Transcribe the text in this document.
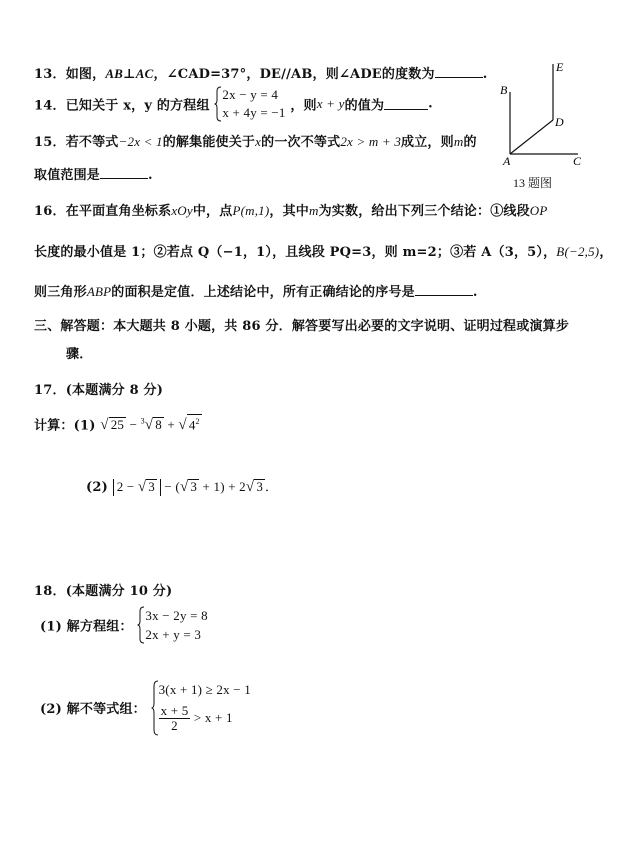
13．如图，AB⊥AC，∠CAD=37°，DE//AB，则∠ADE的度数为	.
14．已知关于 x，y 的方程组
2x − y = 4
x + 4y = −1 ，则x + y的值为	.
15．若不等式−2x < 1的解集能使关于x的一次不等式2x > m + 3成立，则m的
取值范围是	.
E
B
D
A	C
13 题图
16．在平面直角坐标系xOy中，点P(m,1)，其中m为实数，给出下列三个结论：①线段OP
长度的最小值是 1；②若点 Q（−1，1），且线段 PQ=3，则 m=2；③若 A（3，5），B(−2,5)，
则三角形ABP的面积是定值．上述结论中，所有正确结论的序号是	.
三、解答题：本大题共 8 小题，共 86 分．解答要写出必要的文字说明、证明过程或演算步
骤．
17．(本题满分 8 分)
计算：(1) √ 25 − $^3$√ 8 + √ $4^2$
(2) 2 − √ 3 − (√ 3 + 1) + 2√ 3 ．
18．(本题满分 10 分)
(1) 解方程组：
3x − 2y = 8
2x + y = 3
(2) 解不等式组：
3(x + 1) ≥ 2x − 1
$\frac{x + 5}{2} > x + 1$
